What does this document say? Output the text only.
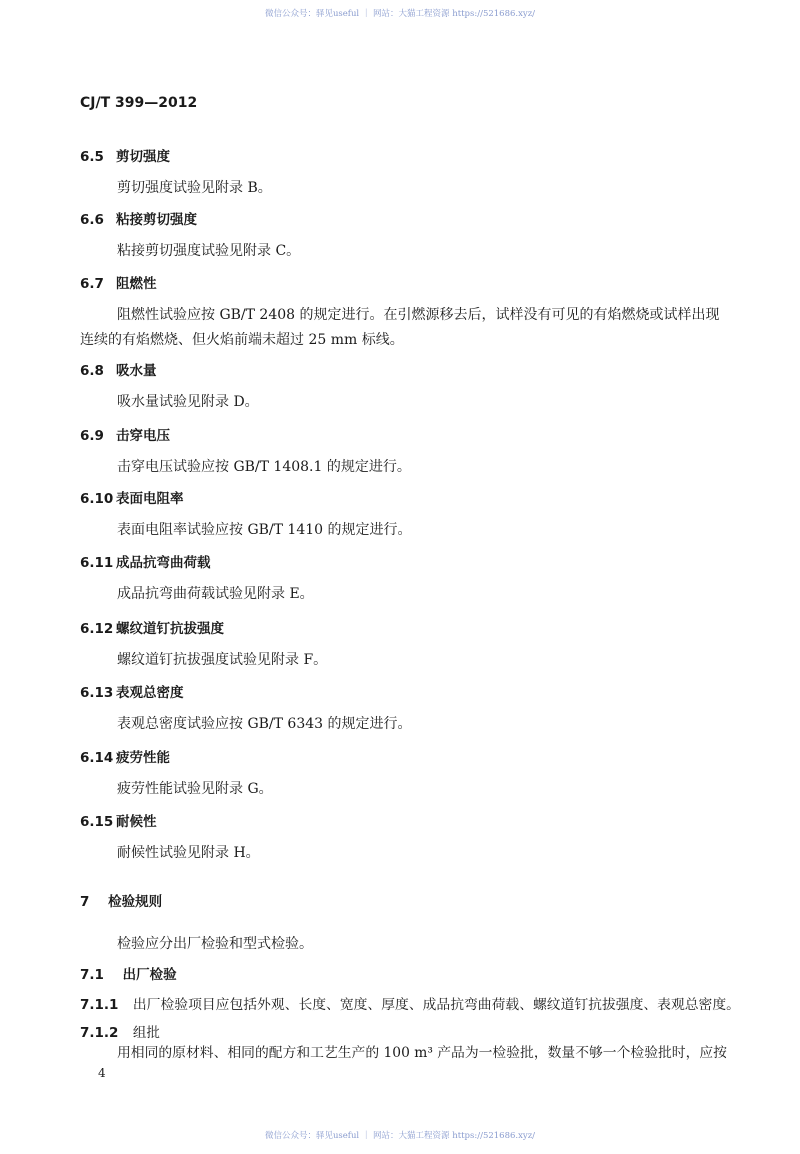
微信公众号：驿见useful ｜ 网站：大猫工程资源 https://521686.xyz/
CJ/T 399—2012
6.5 剪切强度
剪切强度试验见附录 B。
6.6 粘接剪切强度
粘接剪切强度试验见附录 C。
6.7 阻燃性
阻燃性试验应按 GB/T 2408 的规定进行。在引燃源移去后，试样没有可见的有焰燃烧或试样出现
连续的有焰燃烧、但火焰前端未超过 25 mm 标线。
6.8 吸水量
吸水量试验见附录 D。
6.9 击穿电压
击穿电压试验应按 GB/T 1408.1 的规定进行。
6.10 表面电阻率
表面电阻率试验应按 GB/T 1410 的规定进行。
6.11 成品抗弯曲荷载
成品抗弯曲荷载试验见附录 E。
6.12 螺纹道钉抗拔强度
螺纹道钉抗拔强度试验见附录 F。
6.13 表观总密度
表观总密度试验应按 GB/T 6343 的规定进行。
6.14 疲劳性能
疲劳性能试验见附录 G。
6.15 耐候性
耐候性试验见附录 H。
7 检验规则
检验应分出厂检验和型式检验。
7.1 出厂检验
7.1.1 出厂检验项目应包括外观、长度、宽度、厚度、成品抗弯曲荷载、螺纹道钉抗拔强度、表观总密度。
7.1.2 组批
用相同的原材料、相同的配方和工艺生产的 100 m³ 产品为一检验批，数量不够一个检验批时，应按
4
微信公众号：驿见useful ｜ 网站：大猫工程资源 https://521686.xyz/
